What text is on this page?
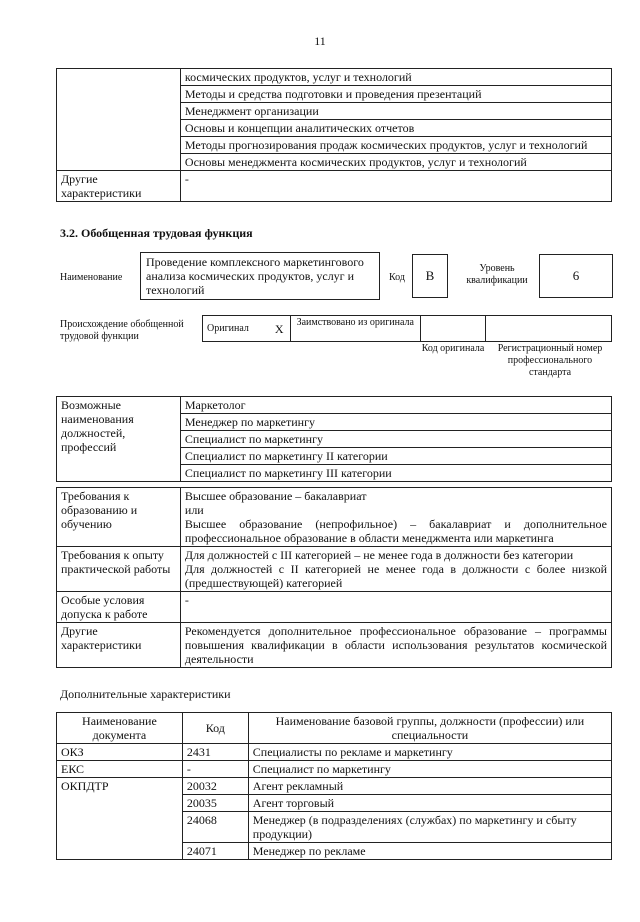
11
	космических продуктов, услуг и технологий
	Методы и средства подготовки и проведения презентаций
	Менеджмент организации
	Основы и концепции аналитических отчетов
	Методы прогнозирования продаж космических продуктов, услуг и технологий
	Основы менеджмента космических продуктов, услуг и технологий
Другие характеристики	-
3.2. Обобщенная трудовая функция
Наименование
Проведение комплексного маркетингового анализа космических продуктов, услуг и технологий
Код	B	Уровень квалификации	6
Происхождение обобщенной трудовой функции
Оригинал	X	Заимствовано из оригинала		
Код оригинала	Регистрационный номер профессионального стандарта
Возможные наименования должностей, профессий	Маркетолог
Менеджер по маркетингу
Специалист по маркетингу
Специалист по маркетингу II категории
Специалист по маркетингу III категории
Требования к образованию и обучению	Высшее образование – бакалавриат
или
Высшее образование (непрофильное) – бакалавриат и дополнительное профессиональное образование в области менеджмента или маркетинга

Требования к опыту практической работы	Для должностей с III категорией – не менее года в должности без категории
Для должностей с II категорией не менее года в должности с более низкой (предшествующей) категорией

Особые условия допуска к работе	-
Другие характеристики	Рекомендуется дополнительное профессиональное образование – программы повышения квалификации в области использования результатов космической деятельности
Дополнительные характеристики
Наименование документа	Код	Наименование базовой группы, должности (профессии) или специальности
ОКЗ	2431	Специалисты по рекламе и маркетингу
ЕКС	-	Специалист по маркетингу
ОКПДТР	20032	Агент рекламный
	20035	Агент торговый
	24068	Менеджер (в подразделениях (службах) по маркетингу и сбыту продукции)
	24071	Менеджер по рекламе
